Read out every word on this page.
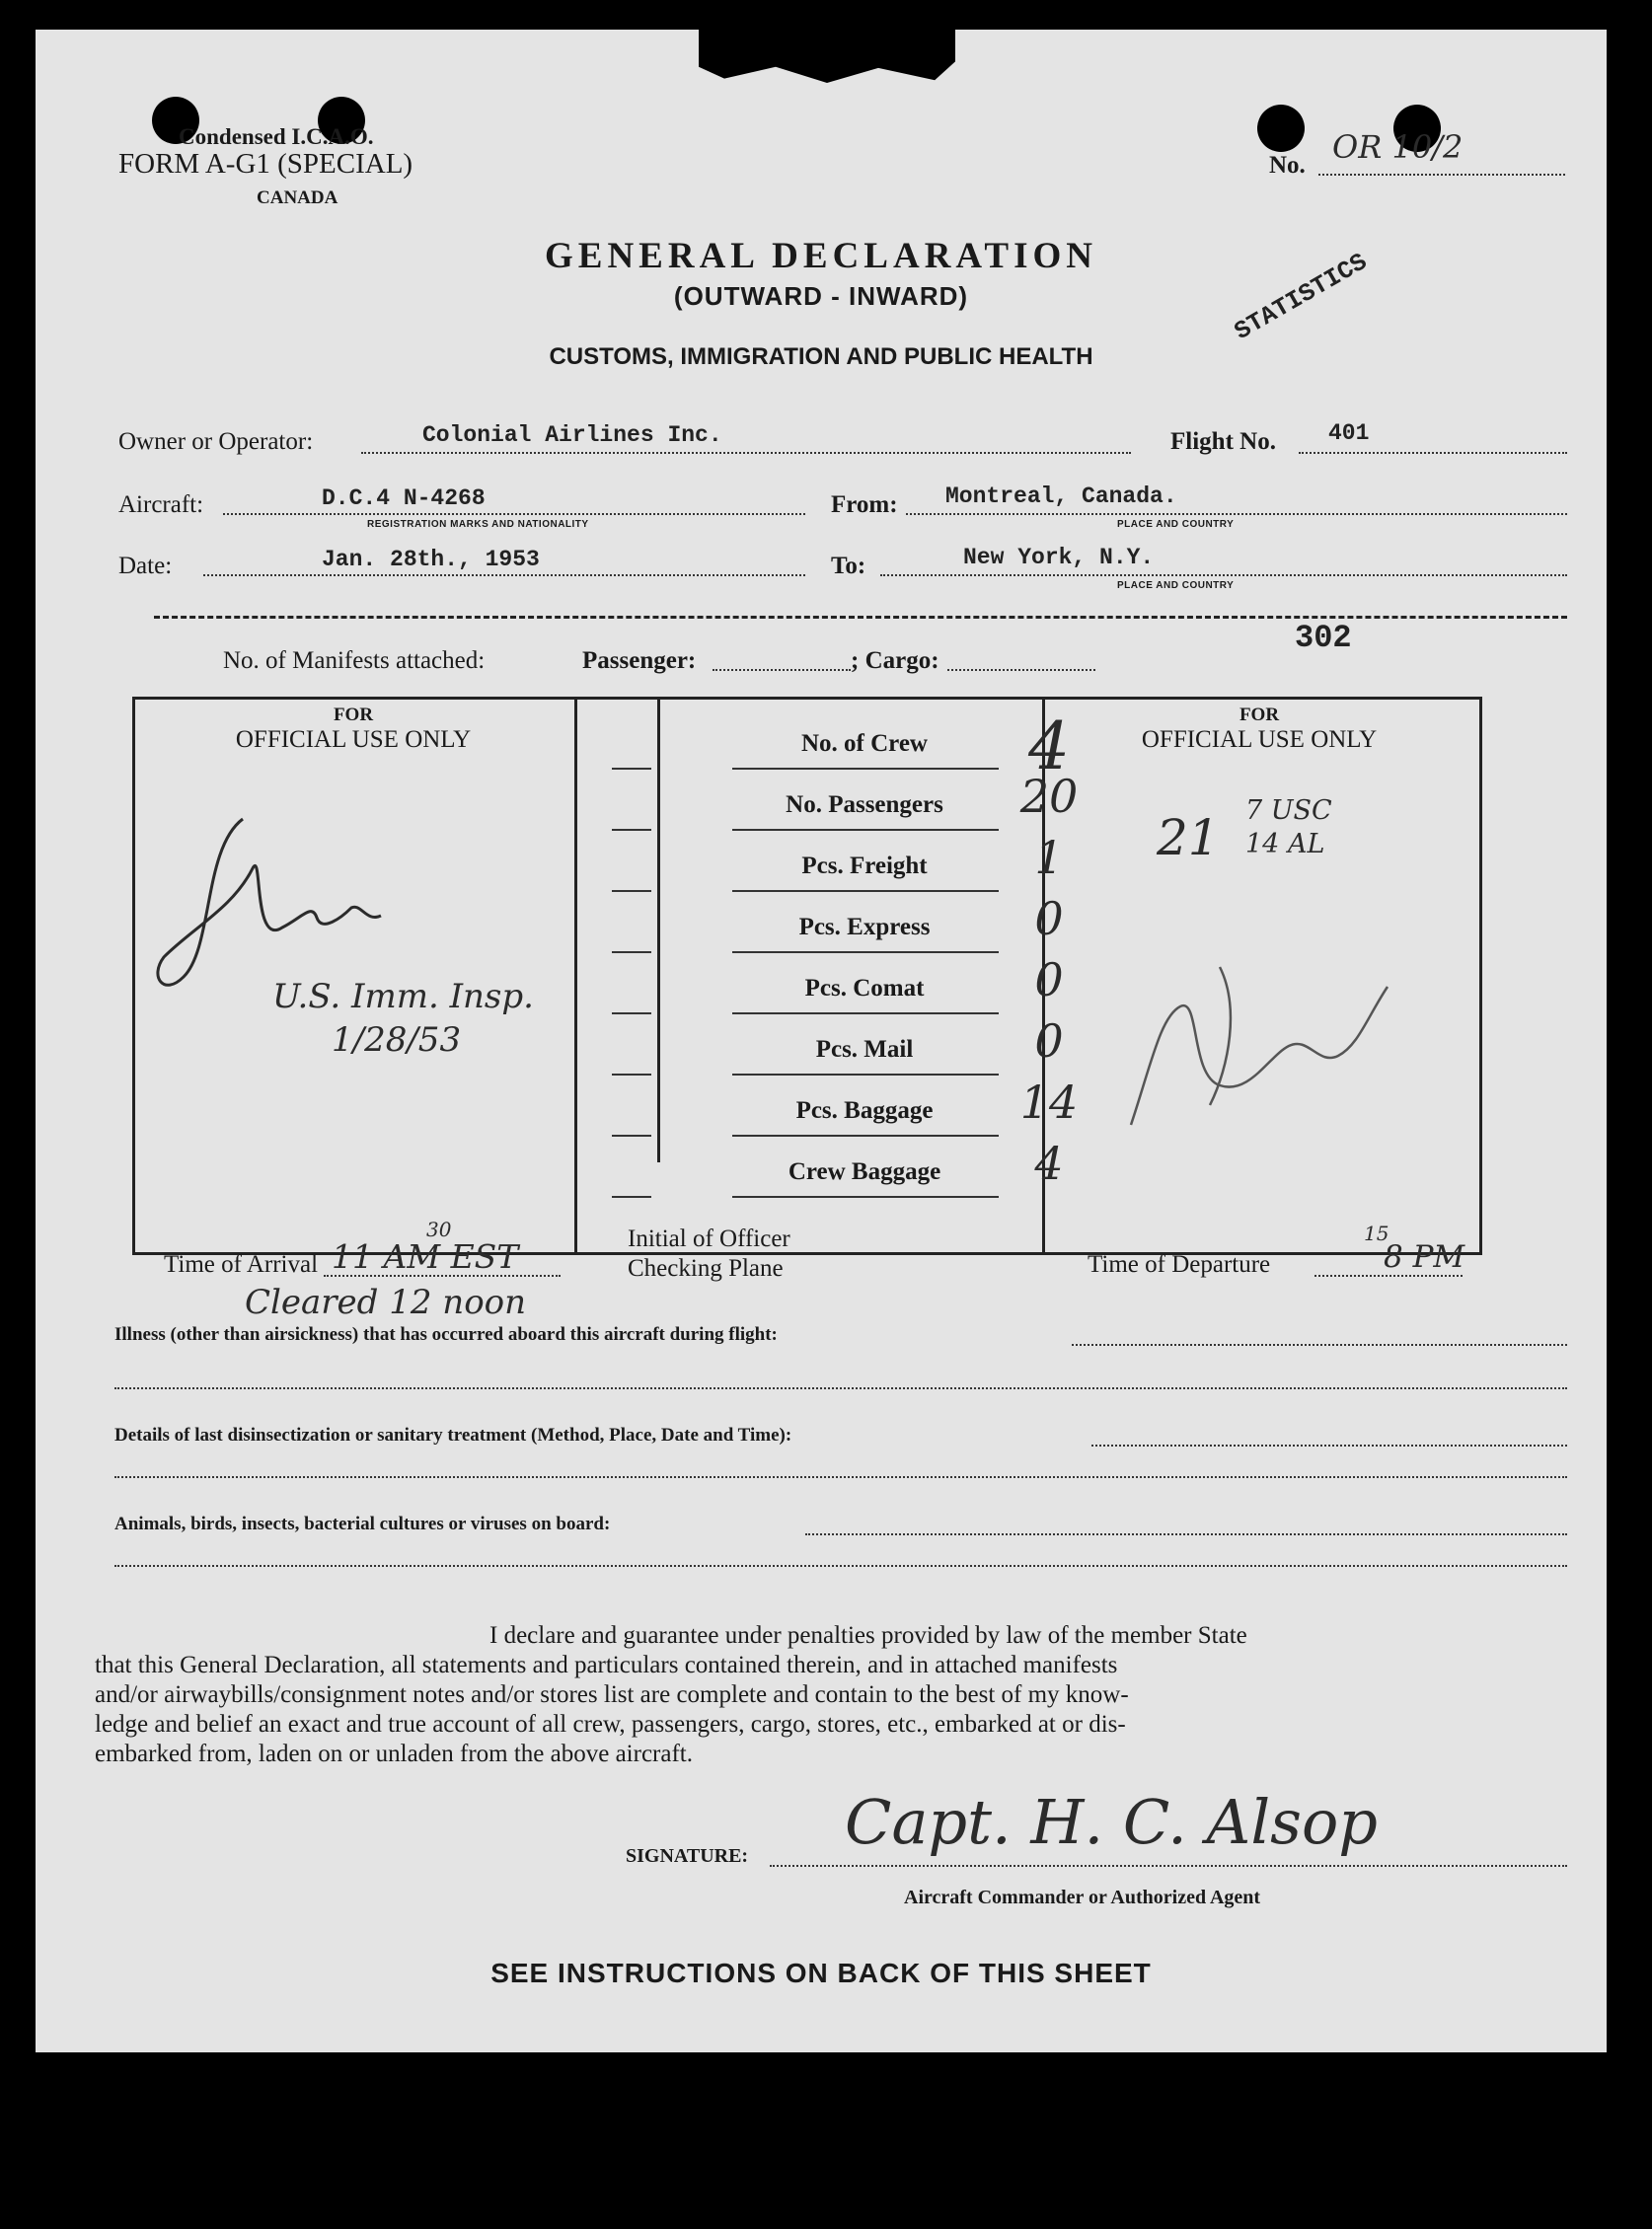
Condensed I.C.A.O.
FORM A-G1 (SPECIAL)
CANADA
No. OR 10/2
GENERAL DECLARATION
(OUTWARD - INWARD)
CUSTOMS, IMMIGRATION AND PUBLIC HEALTH
STATISTICS
Owner or Operator:	Colonial Airlines Inc.	Flight No. 401
Aircraft:	D.C.4 N-4268
REGISTRATION MARKS AND NATIONALITY
From: Montreal, Canada.
PLACE AND COUNTRY
Date:	Jan. 28th., 1953	To:	New York, N.Y.
PLACE AND COUNTRY
302
No. of Manifests attached:	Passenger:	; Cargo:
FOR
OFFICIAL USE ONLY
FOR
OFFICIAL USE ONLY
U.S. Imm. Insp.
1/28/53
21 7 USC
14 AL
Time of Arrival 11 AM EST
30	Initial of Officer
Checking Plane	Time of Departure	8 PM
15
Cleared 12 noon
Illness (other than airsickness) that has occurred aboard this aircraft during flight:
Details of last disinsectization or sanitary treatment (Method, Place, Date and Time):
Animals, birds, insects, bacterial cultures or viruses on board:
I declare and guarantee under penalties provided by law of the member State
that this General Declaration, all statements and particulars contained therein, and in attached manifests
and/or airwaybills/consignment notes and/or stores list are complete and contain to the best of my know-
ledge and belief an exact and true account of all crew, passengers, cargo, stores, etc., embarked at or dis-
embarked from, laden on or unladen from the above aircraft.
Capt. H. C. Alsop
SIGNATURE:
Aircraft Commander or Authorized Agent
SEE INSTRUCTIONS ON BACK OF THIS SHEET
No. of Crew	4
No. Passengers	20
Pcs. Freight	1
Pcs. Express	0
Pcs. Comat	0
Pcs. Mail	0
Pcs. Baggage	14
Crew Baggage	4
